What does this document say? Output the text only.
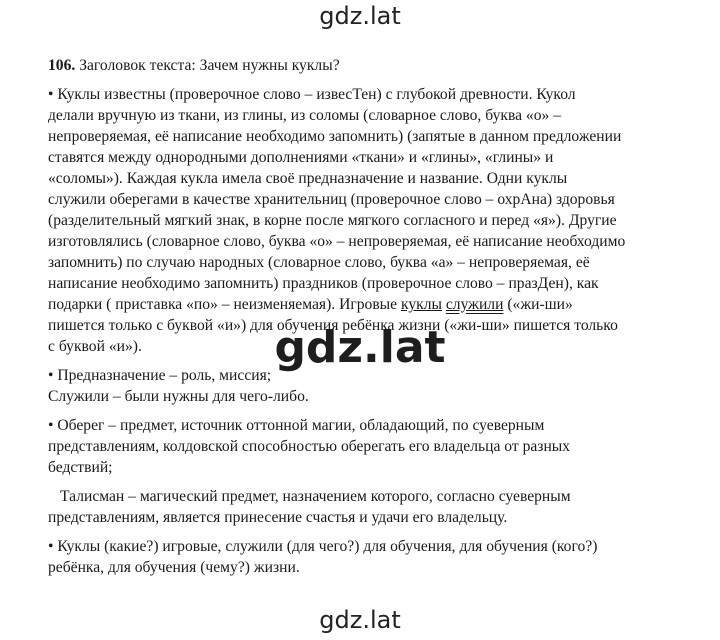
gdz.lat
106. Заголовок текста: Зачем нужны куклы?
• Куклы известны (проверочное слово – извесТен) с глубокой древности. Кукол
делали вручную из ткани, из глины, из соломы (словарное слово, буква «о» –
непроверяемая, её написание необходимо запомнить) (запятые в данном предложении
ставятся между однородными дополнениями «ткани» и «глины», «глины» и
«соломы»). Каждая кукла имела своё предназначение и название. Одни куклы
служили оберегами в качестве хранительниц (проверочное слово – охрАна) здоровья
(разделительный мягкий знак, в корне после мягкого согласного и перед «я»). Другие
изготовлялись (словарное слово, буква «о» – непроверяемая, её написание необходимо
запомнить) по случаю народных (словарное слово, буква «а» – непроверяемая, её
написание необходимо запомнить) праздников (проверочное слово – празДен), как
подарки ( приставка «по» – неизменяемая). Игровые куклы служили («жи-ши»
пишется только с буквой «и») для обучения ребёнка жизни («жи-ши» пишется только
с буквой «и»).
• Предназначение – роль, миссия;
Служили – были нужны для чего-либо.
• Оберег – предмет, источник оттонной магии, обладающий, по суеверным
представлениям, колдовской способностью оберегать его владельца от разных
бедствий;
Талисман – магический предмет, назначением которого, согласно суеверным
представлениям, является принесение счастья и удачи его владельцу.
• Куклы (какие?) игровые, служили (для чего?) для обучения, для обучения (кого?)
ребёнка, для обучения (чему?) жизни.
gdz.lat
gdz.lat
